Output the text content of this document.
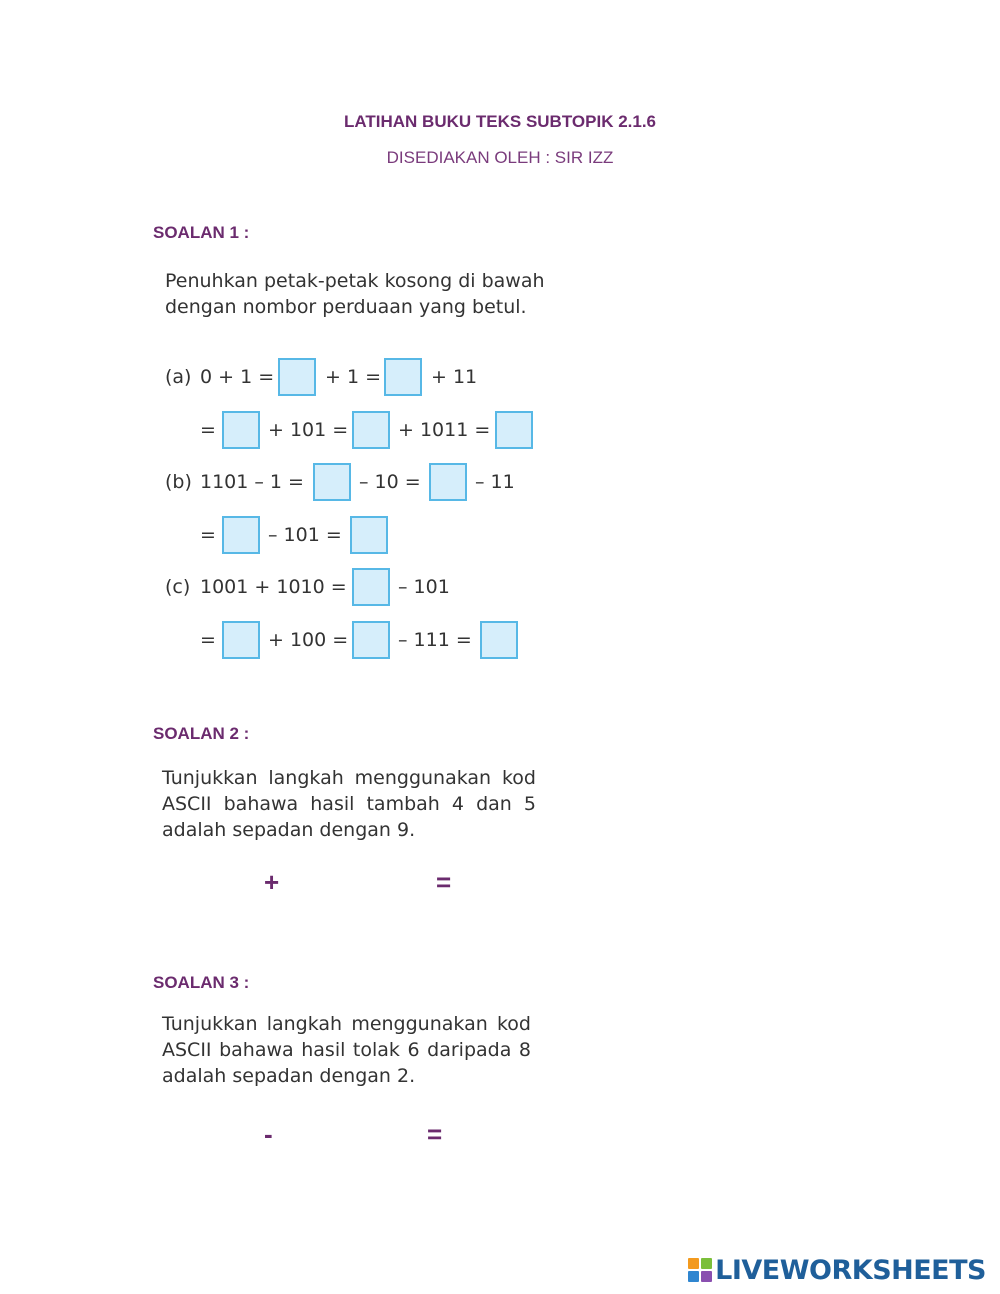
LATIHAN BUKU TEKS SUBTOPIK 2.1.6
DISEDIAKAN OLEH : SIR IZZ
SOALAN 1 :
Penuhkan petak-petak kosong di bawah
dengan nombor perduaan yang betul.
(a) 0 + 1 =	+ 1 =	+ 11
=	+ 101 =	+ 1011 =
(b) 1101 – 1 =	– 10 =	– 11
=	– 101 =
(c) 1001 + 1010 =	– 101
=	+ 100 =	– 111 =
SOALAN 2 :
Tunjukkan langkah menggunakan kod
ASCII bahawa hasil tambah 4 dan 5
adalah sepadan dengan 9.
+	=
SOALAN 3 :
Tunjukkan langkah menggunakan kod
ASCII bahawa hasil tolak 6 daripada 8
adalah sepadan dengan 2.
-	=
LIVEWORKSHEETS
